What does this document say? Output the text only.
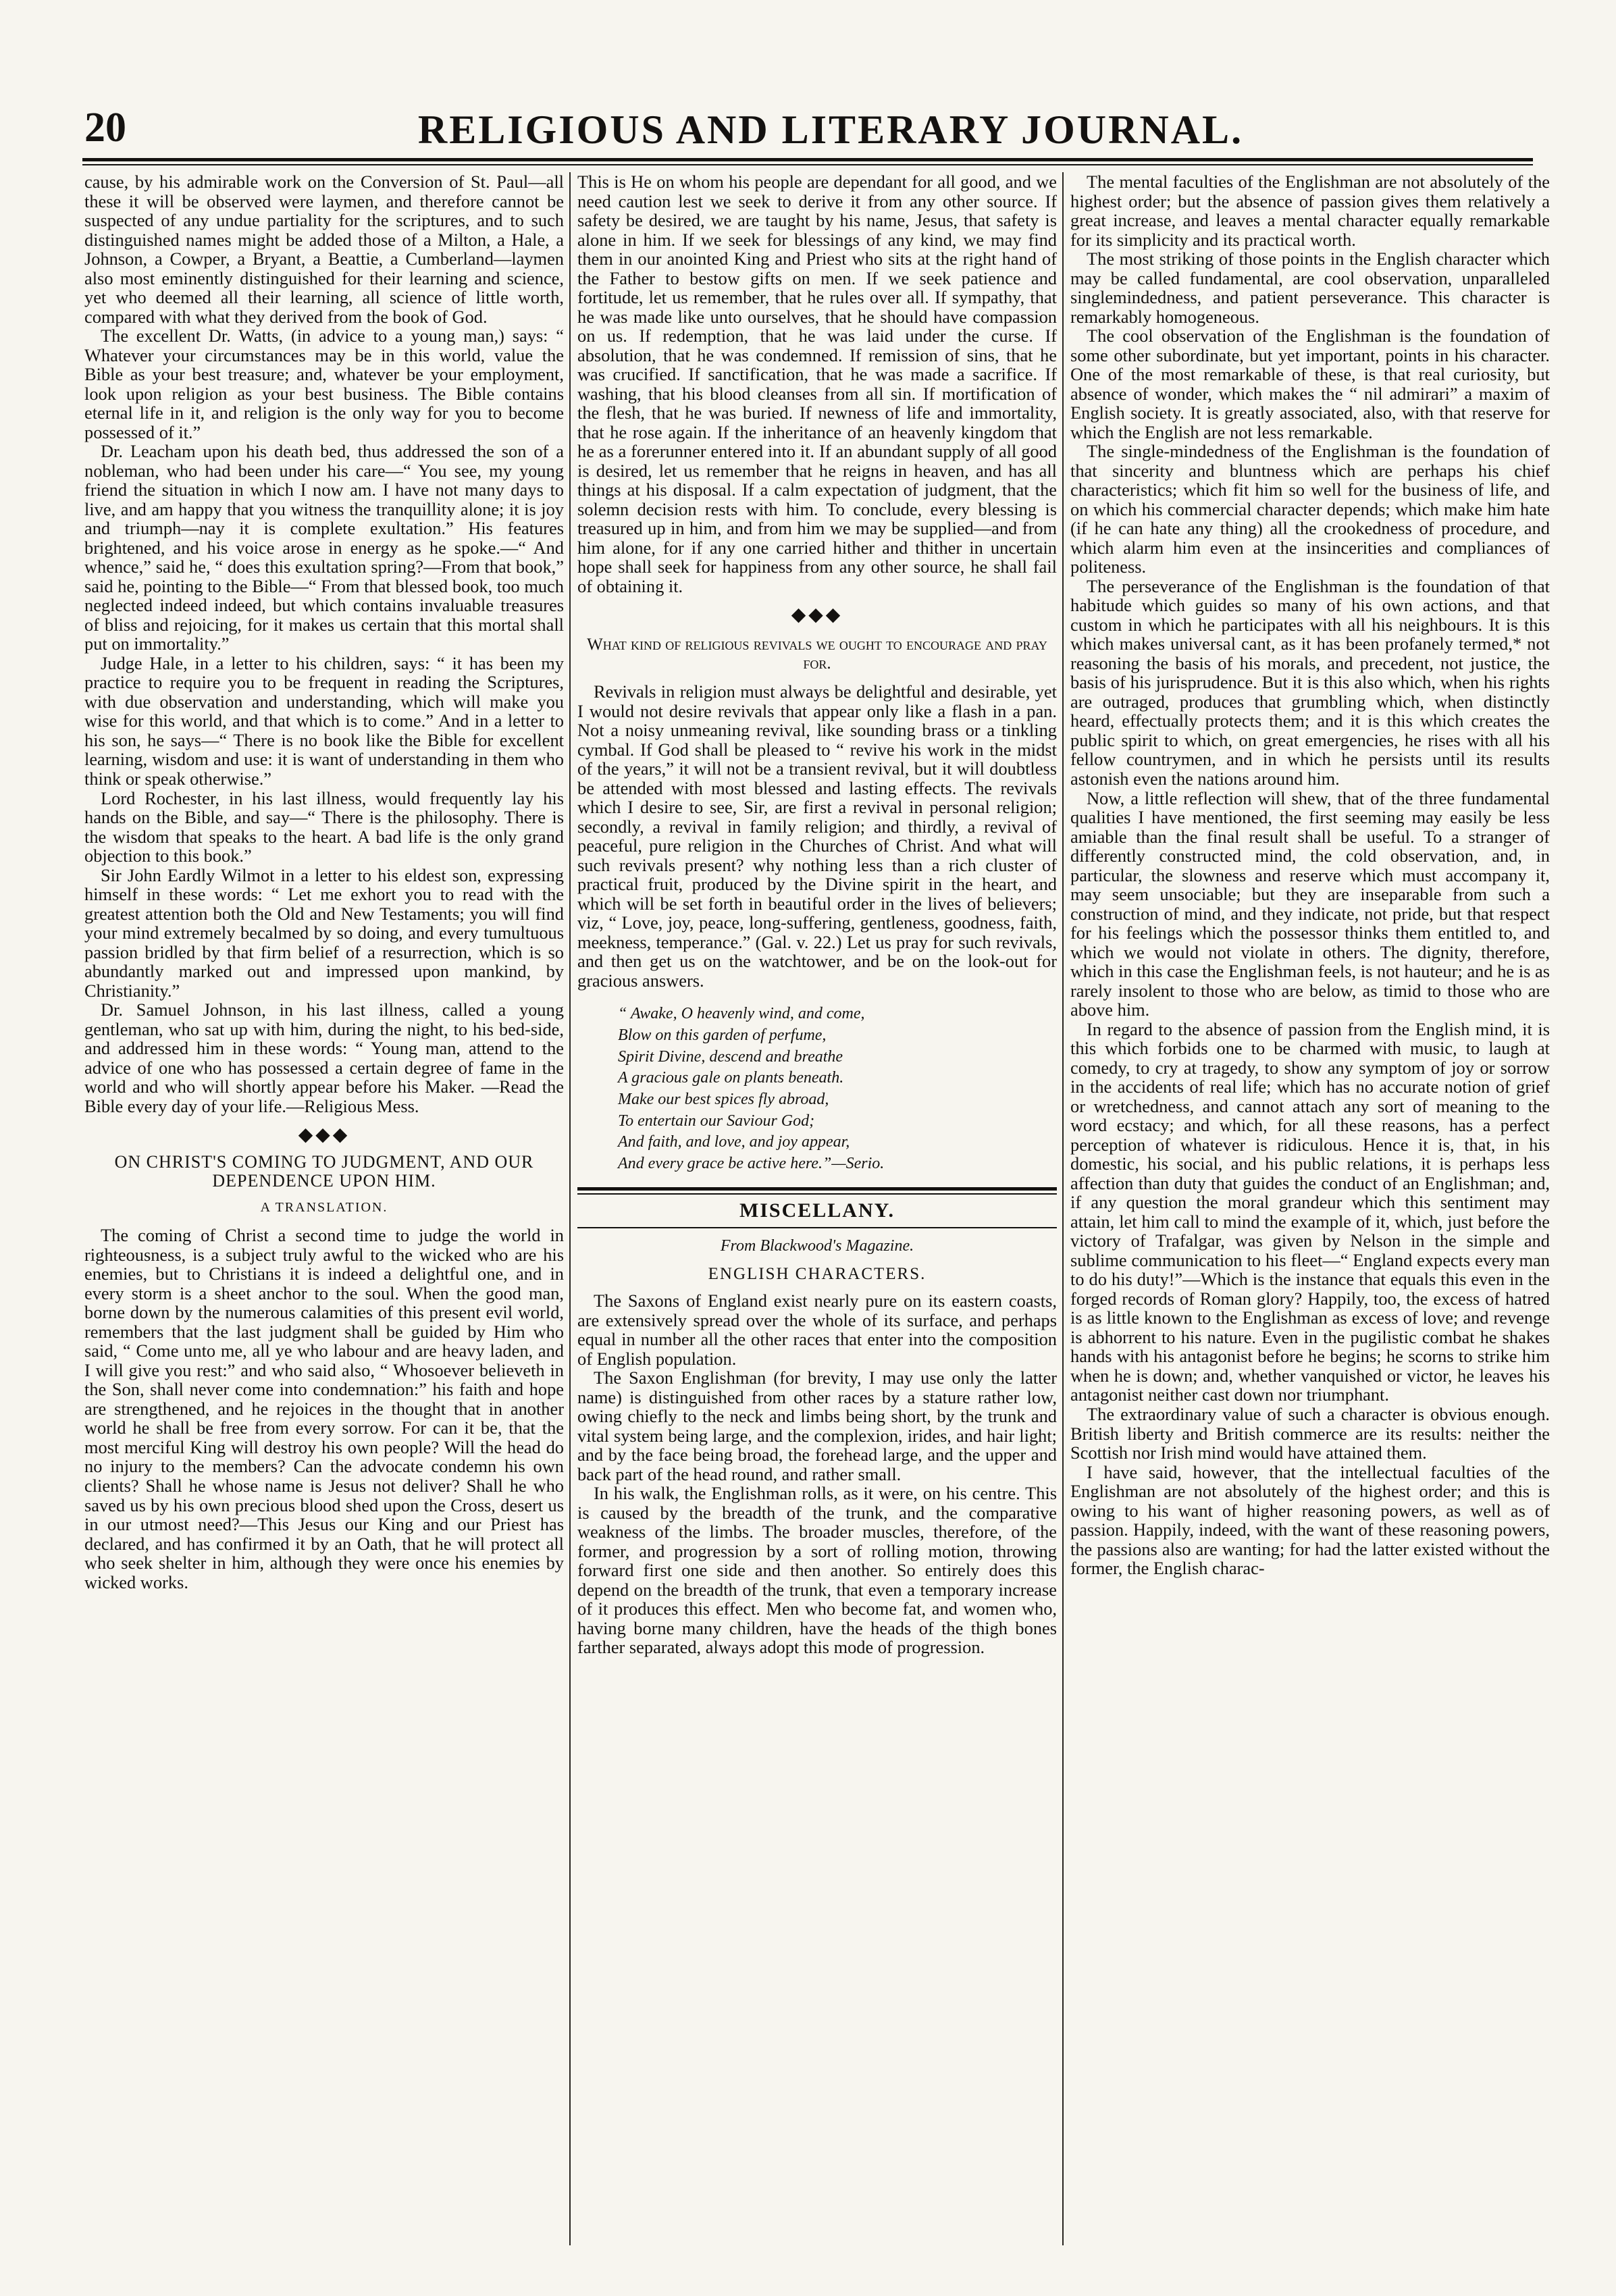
20	RELIGIOUS AND LITERARY JOURNAL.

cause, by his admirable work on the Conversion of St. Paul—all these it will be observed were laymen, and therefore cannot be suspected of any undue partiality for the scriptures, and to such distinguished names might be added those of a Milton, a Hale, a Johnson, a Cowper, a Bryant, a Beattie, a Cumberland—laymen also most eminently distinguished for their learning and science, yet who deemed all their learning, all science of little worth, compared with what they derived from the book of God.

The excellent Dr. Watts, (in advice to a young man,) says: “ Whatever your circumstances may be in this world, value the Bible as your best treasure; and, whatever be your employment, look upon religion as your best business. The Bible contains eternal life in it, and religion is the only way for you to become possessed of it.”

Dr. Leacham upon his death bed, thus addressed the son of a nobleman, who had been under his care—“ You see, my young friend the situation in which I now am. I have not many days to live, and am happy that you witness the tranquillity alone; it is joy and triumph—nay it is complete exultation.” His features brightened, and his voice arose in energy as he spoke.—“ And whence,” said he, “ does this exultation spring?—From that book,” said he, pointing to the Bible—“ From that blessed book, too much neglected indeed indeed, but which contains invaluable treasures of bliss and rejoicing, for it makes us certain that this mortal shall put on immortality.”

Judge Hale, in a letter to his children, says: “ it has been my practice to require you to be frequent in reading the Scriptures, with due observation and understanding, which will make you wise for this world, and that which is to come.” And in a letter to his son, he says—“ There is no book like the Bible for excellent learning, wisdom and use: it is want of understanding in them who think or speak otherwise.”

Lord Rochester, in his last illness, would frequently lay his hands on the Bible, and say—“ There is the philosophy. There is the wisdom that speaks to the heart. A bad life is the only grand objection to this book.”

Sir John Eardly Wilmot in a letter to his eldest son, expressing himself in these words: “ Let me exhort you to read with the greatest attention both the Old and New Testaments; you will find your mind extremely becalmed by so doing, and every tumultuous passion bridled by that firm belief of a resurrection, which is so abundantly marked out and impressed upon mankind, by Christianity.”

Dr. Samuel Johnson, in his last illness, called a young gentleman, who sat up with him, during the night, to his bed-side, and addressed him in these words: “ Young man, attend to the advice of one who has possessed a certain degree of fame in the world and who will shortly appear before his Maker. —Read the Bible every day of your life.—Religious Mess.

◆◆◆
ON CHRIST'S COMING TO JUDGMENT, AND OUR DEPENDENCE UPON HIM.
A TRANSLATION.

The coming of Christ a second time to judge the world in righteousness, is a subject truly awful to the wicked who are his enemies, but to Christians it is indeed a delightful one, and in every storm is a sheet anchor to the soul. When the good man, borne down by the numerous calamities of this present evil world, remembers that the last judgment shall be guided by Him who said, “ Come unto me, all ye who labour and are heavy laden, and I will give you rest:” and who said also, “ Whosoever believeth in the Son, shall never come into condemnation:” his faith and hope are strengthened, and he rejoices in the thought that in another world he shall be free from every sorrow. For can it be, that the most merciful King will destroy his own people? Will the head do no injury to the members? Can the advocate condemn his own clients? Shall he whose name is Jesus not deliver? Shall he who saved us by his own precious blood shed upon the Cross, desert us in our utmost need?—This Jesus our King and our Priest has declared, and has confirmed it by an Oath, that he will protect all who seek shelter in him, although they were once his enemies by wicked works.

This is He on whom his people are dependant for all good, and we need caution lest we seek to derive it from any other source. If safety be desired, we are taught by his name, Jesus, that safety is alone in him. If we seek for blessings of any kind, we may find them in our anointed King and Priest who sits at the right hand of the Father to bestow gifts on men. If we seek patience and fortitude, let us remember, that he rules over all. If sympathy, that he was made like unto ourselves, that he should have compassion on us. If redemption, that he was laid under the curse. If absolution, that he was condemned. If remission of sins, that he was crucified. If sanctification, that he was made a sacrifice. If washing, that his blood cleanses from all sin. If mortification of the flesh, that he was buried. If newness of life and immortality, that he rose again. If the inheritance of an heavenly kingdom that he as a forerunner entered into it. If an abundant supply of all good is desired, let us remember that he reigns in heaven, and has all things at his disposal. If a calm expectation of judgment, that the solemn decision rests with him. To conclude, every blessing is treasured up in him, and from him we may be supplied—and from him alone, for if any one carried hither and thither in uncertain hope shall seek for happiness from any other source, he shall fail of obtaining it.

◆◆◆
What kind of religious revivals we ought to encourage and pray for.

Revivals in religion must always be delightful and desirable, yet I would not desire revivals that appear only like a flash in a pan. Not a noisy unmeaning revival, like sounding brass or a tinkling cymbal. If God shall be pleased to “ revive his work in the midst of the years,” it will not be a transient revival, but it will doubtless be attended with most blessed and lasting effects. The revivals which I desire to see, Sir, are first a revival in personal religion; secondly, a revival in family religion; and thirdly, a revival of peaceful, pure religion in the Churches of Christ. And what will such revivals present? why nothing less than a rich cluster of practical fruit, produced by the Divine spirit in the heart, and which will be set forth in beautiful order in the lives of believers; viz, “ Love, joy, peace, long-suffering, gentleness, goodness, faith, meekness, temperance.” (Gal. v. 22.) Let us pray for such revivals, and then get us on the watchtower, and be on the look-out for gracious answers.

“ Awake, O heavenly wind, and come,
Blow on this garden of perfume,
Spirit Divine, descend and breathe
A gracious gale on plants beneath.
Make our best spices fly abroad,
To entertain our Saviour God;
And faith, and love, and joy appear,
And every grace be active here.”—Serio.
MISCELLANY.
From Blackwood's Magazine.
ENGLISH CHARACTERS.

The Saxons of England exist nearly pure on its eastern coasts, are extensively spread over the whole of its surface, and perhaps equal in number all the other races that enter into the composition of English population.

The Saxon Englishman (for brevity, I may use only the latter name) is distinguished from other races by a stature rather low, owing chiefly to the neck and limbs being short, by the trunk and vital system being large, and the complexion, irides, and hair light; and by the face being broad, the forehead large, and the upper and back part of the head round, and rather small.

In his walk, the Englishman rolls, as it were, on his centre. This is caused by the breadth of the trunk, and the comparative weakness of the limbs. The broader muscles, therefore, of the former, and progression by a sort of rolling motion, throwing forward first one side and then another. So entirely does this depend on the breadth of the trunk, that even a temporary increase of it produces this effect. Men who become fat, and women who, having borne many children, have the heads of the thigh bones farther separated, always adopt this mode of progression.

The mental faculties of the Englishman are not absolutely of the highest order; but the absence of passion gives them relatively a great increase, and leaves a mental character equally remarkable for its simplicity and its practical worth.

The most striking of those points in the English character which may be called fundamental, are cool observation, unparalleled singlemindedness, and patient perseverance. This character is remarkably homogeneous.

The cool observation of the Englishman is the foundation of some other subordinate, but yet important, points in his character. One of the most remarkable of these, is that real curiosity, but absence of wonder, which makes the “ nil admirari” a maxim of English society. It is greatly associated, also, with that reserve for which the English are not less remarkable.

The single-mindedness of the Englishman is the foundation of that sincerity and bluntness which are perhaps his chief characteristics; which fit him so well for the business of life, and on which his commercial character depends; which make him hate (if he can hate any thing) all the crookedness of procedure, and which alarm him even at the insincerities and compliances of politeness.

The perseverance of the Englishman is the foundation of that habitude which guides so many of his own actions, and that custom in which he participates with all his neighbours. It is this which makes universal cant, as it has been profanely termed,* not reasoning the basis of his morals, and precedent, not justice, the basis of his jurisprudence. But it is this also which, when his rights are outraged, produces that grumbling which, when distinctly heard, effectually protects them; and it is this which creates the public spirit to which, on great emergencies, he rises with all his fellow countrymen, and in which he persists until its results astonish even the nations around him.

Now, a little reflection will shew, that of the three fundamental qualities I have mentioned, the first seeming may easily be less amiable than the final result shall be useful. To a stranger of differently constructed mind, the cold observation, and, in particular, the slowness and reserve which must accompany it, may seem unsociable; but they are inseparable from such a construction of mind, and they indicate, not pride, but that respect for his feelings which the possessor thinks them entitled to, and which we would not violate in others. The dignity, therefore, which in this case the Englishman feels, is not hauteur; and he is as rarely insolent to those who are below, as timid to those who are above him.

In regard to the absence of passion from the English mind, it is this which forbids one to be charmed with music, to laugh at comedy, to cry at tragedy, to show any symptom of joy or sorrow in the accidents of real life; which has no accurate notion of grief or wretchedness, and cannot attach any sort of meaning to the word ecstacy; and which, for all these reasons, has a perfect perception of whatever is ridiculous. Hence it is, that, in his domestic, his social, and his public relations, it is perhaps less affection than duty that guides the conduct of an Englishman; and, if any question the moral grandeur which this sentiment may attain, let him call to mind the example of it, which, just before the victory of Trafalgar, was given by Nelson in the simple and sublime communication to his fleet—“ England expects every man to do his duty!”—Which is the instance that equals this even in the forged records of Roman glory? Happily, too, the excess of hatred is as little known to the Englishman as excess of love; and revenge is abhorrent to his nature. Even in the pugilistic combat he shakes hands with his antagonist before he begins; he scorns to strike him when he is down; and, whether vanquished or victor, he leaves his antagonist neither cast down nor triumphant.

The extraordinary value of such a character is obvious enough. British liberty and British commerce are its results: neither the Scottish nor Irish mind would have attained them.

I have said, however, that the intellectual faculties of the Englishman are not absolutely of the highest order; and this is owing to his want of higher reasoning powers, as well as of passion. Happily, indeed, with the want of these reasoning powers, the passions also are wanting; for had the latter existed without the former, the English charac-
